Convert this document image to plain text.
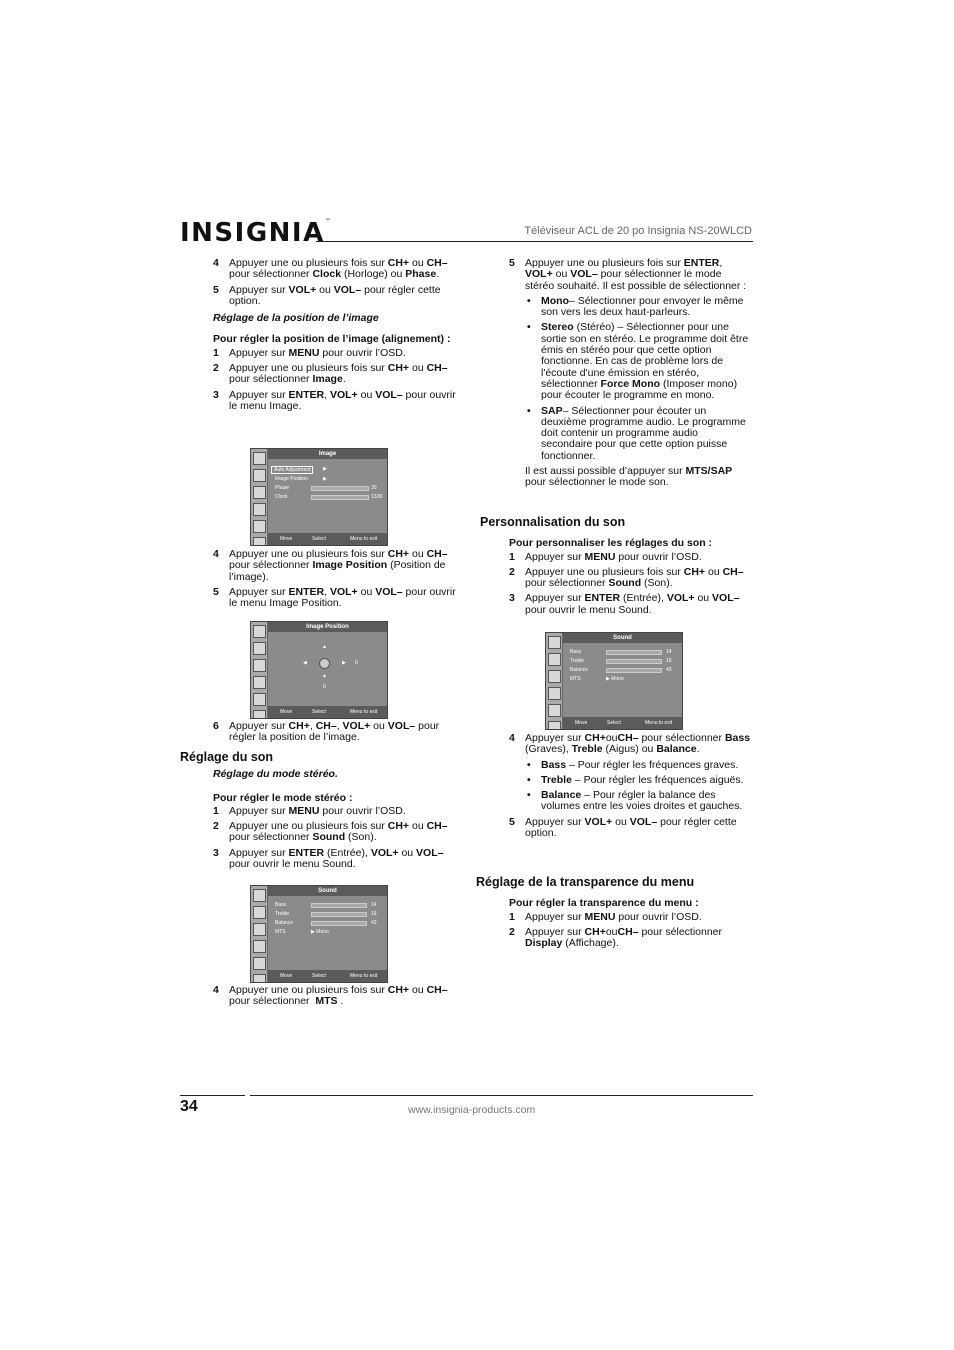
INSIGNIA™
Téléviseur ACL de 20 po Insignia NS-20WLCD
4 Appuyer une ou plusieurs fois sur CH+ ou CH– pour sélectionner Clock (Horloge) ou Phase.
5 Appuyer sur VOL+ ou VOL– pour régler cette option.

Réglage de la position de l’image

Pour régler la position de l’image (alignement) :

1 Appuyer sur MENU pour ouvrir l’OSD.
2 Appuyer une ou plusieurs fois sur CH+ ou CH– pour sélectionner Image.
3 Appuyer sur ENTER, VOL+ ou VOL– pour ouvrir le menu Image.
Image
Auto Adjustment	▶
Image Position	▶
Phase	30
Clock	1328
Move	Select	Menu to exit
4 Appuyer une ou plusieurs fois sur CH+ ou CH– pour sélectionner Image Position (Position de l’image).
5 Appuyer sur ENTER, VOL+ ou VOL– pour ouvrir le menu Image Position.
Image Position
▲
◀	▶ 0
▼
0
Move	Select	Menu to exit
6 Appuyer sur CH+, CH–, VOL+ ou VOL– pour régler la position de l’image.

Réglage du son

Réglage du mode stéréo.

Pour régler le mode stéréo :

1 Appuyer sur MENU pour ouvrir l’OSD.
2 Appuyer une ou plusieurs fois sur CH+ ou CH– pour sélectionner Sound (Son).
3 Appuyer sur ENTER (Entrée), VOL+ ou VOL– pour ouvrir le menu Sound.
Sound
Bass	14
Treble	16
Balance	43
MTS	▶ Mono
Move	Select	Menu to exit
4 Appuyer une ou plusieurs fois sur CH+ ou CH– pour sélectionner  MTS .
5 Appuyer une ou plusieurs fois sur ENTER, VOL+ ou VOL– pour sélectionner le mode stéréo souhaité. Il est possible de sélectionner :
• Mono– Sélectionner pour envoyer le même son vers les deux haut-parleurs.
• Stereo (Stéréo) – Sélectionner pour une sortie son en stéréo. Le programme doit être émis en stéréo pour que cette option fonctionne. En cas de problème lors de l'écoute d'une émission en stéréo, sélectionner Force Mono (Imposer mono) pour écouter le programme en mono.
• SAP– Sélectionner pour écouter un deuxième programme audio. Le programme doit contenir un programme audio secondaire pour que cette option puisse fonctionner.

Il est aussi possible d’appuyer sur MTS/SAP pour sélectionner le mode son.

Personnalisation du son

Pour personnaliser les réglages du son :

1 Appuyer sur MENU pour ouvrir l’OSD.
2 Appuyer une ou plusieurs fois sur CH+ ou CH– pour sélectionner Sound (Son).
3 Appuyer sur ENTER (Entrée), VOL+ ou VOL– pour ouvrir le menu Sound.
Sound
Bass	14
Treble	16
Balance	43
MTS	▶ Mono
Move	Select	Menu to exit
4 Appuyer sur CH+ouCH– pour sélectionner Bass (Graves), Treble (Aigus) ou Balance.
• Bass – Pour régler les fréquences graves.
• Treble – Pour régler les fréquences aiguës.
• Balance – Pour régler la balance des volumes entre les voies droites et gauches.
5 Appuyer sur VOL+ ou VOL– pour régler cette option.

Réglage de la transparence du menu

Pour régler la transparence du menu :

1 Appuyer sur MENU pour ouvrir l’OSD.
2 Appuyer sur CH+ouCH– pour sélectionner Display (Affichage).
34	www.insignia-products.com
